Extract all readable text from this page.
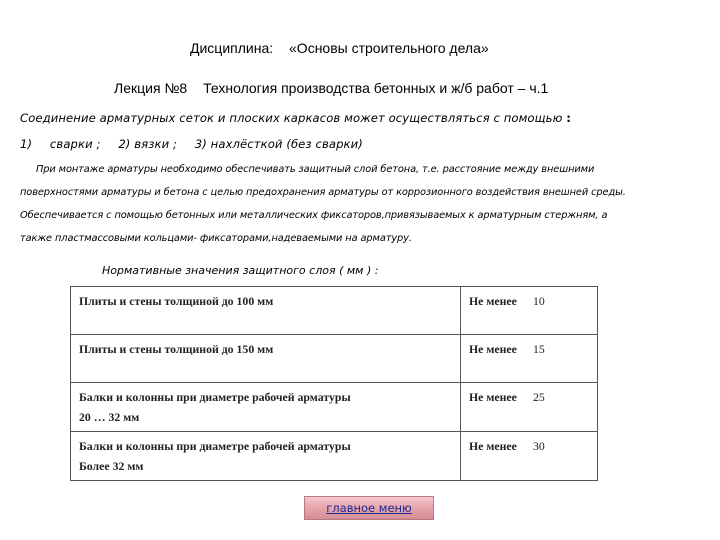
Дисциплина: «Основы строительного дела»
Лекция №8 Технология производства бетонных и ж/б работ – ч.1
Соединение арматурных сеток и плоских каркасов может осуществляться с помощью :
1) сварки ; 2) вязки ; 3) нахлёсткой (без сварки)
При монтаже арматуры необходимо обеспечивать защитный слой бетона, т.е. расстояние между внешними
поверхностями арматуры и бетона с целью предохранения арматуры от коррозионного воздействия внешней среды.
Обеспечивается с помощью бетонных или металлических фиксаторов,привязываемых к арматурным стержням, а
также пластмассовыми кольцами- фиксаторами,надеваемыми на арматуру.
Нормативные значения защитного слоя ( мм ) :
Плиты и стены толщиной до 100 мм	Не менее 10
Плиты и стены толщиной до 150 мм	Не менее 15
Балки и колонны при диаметре рабочей арматуры
20 … 32 мм	Не менее 25
Балки и колонны при диаметре рабочей арматуры
Более 32 мм	Не менее 30
главное меню
